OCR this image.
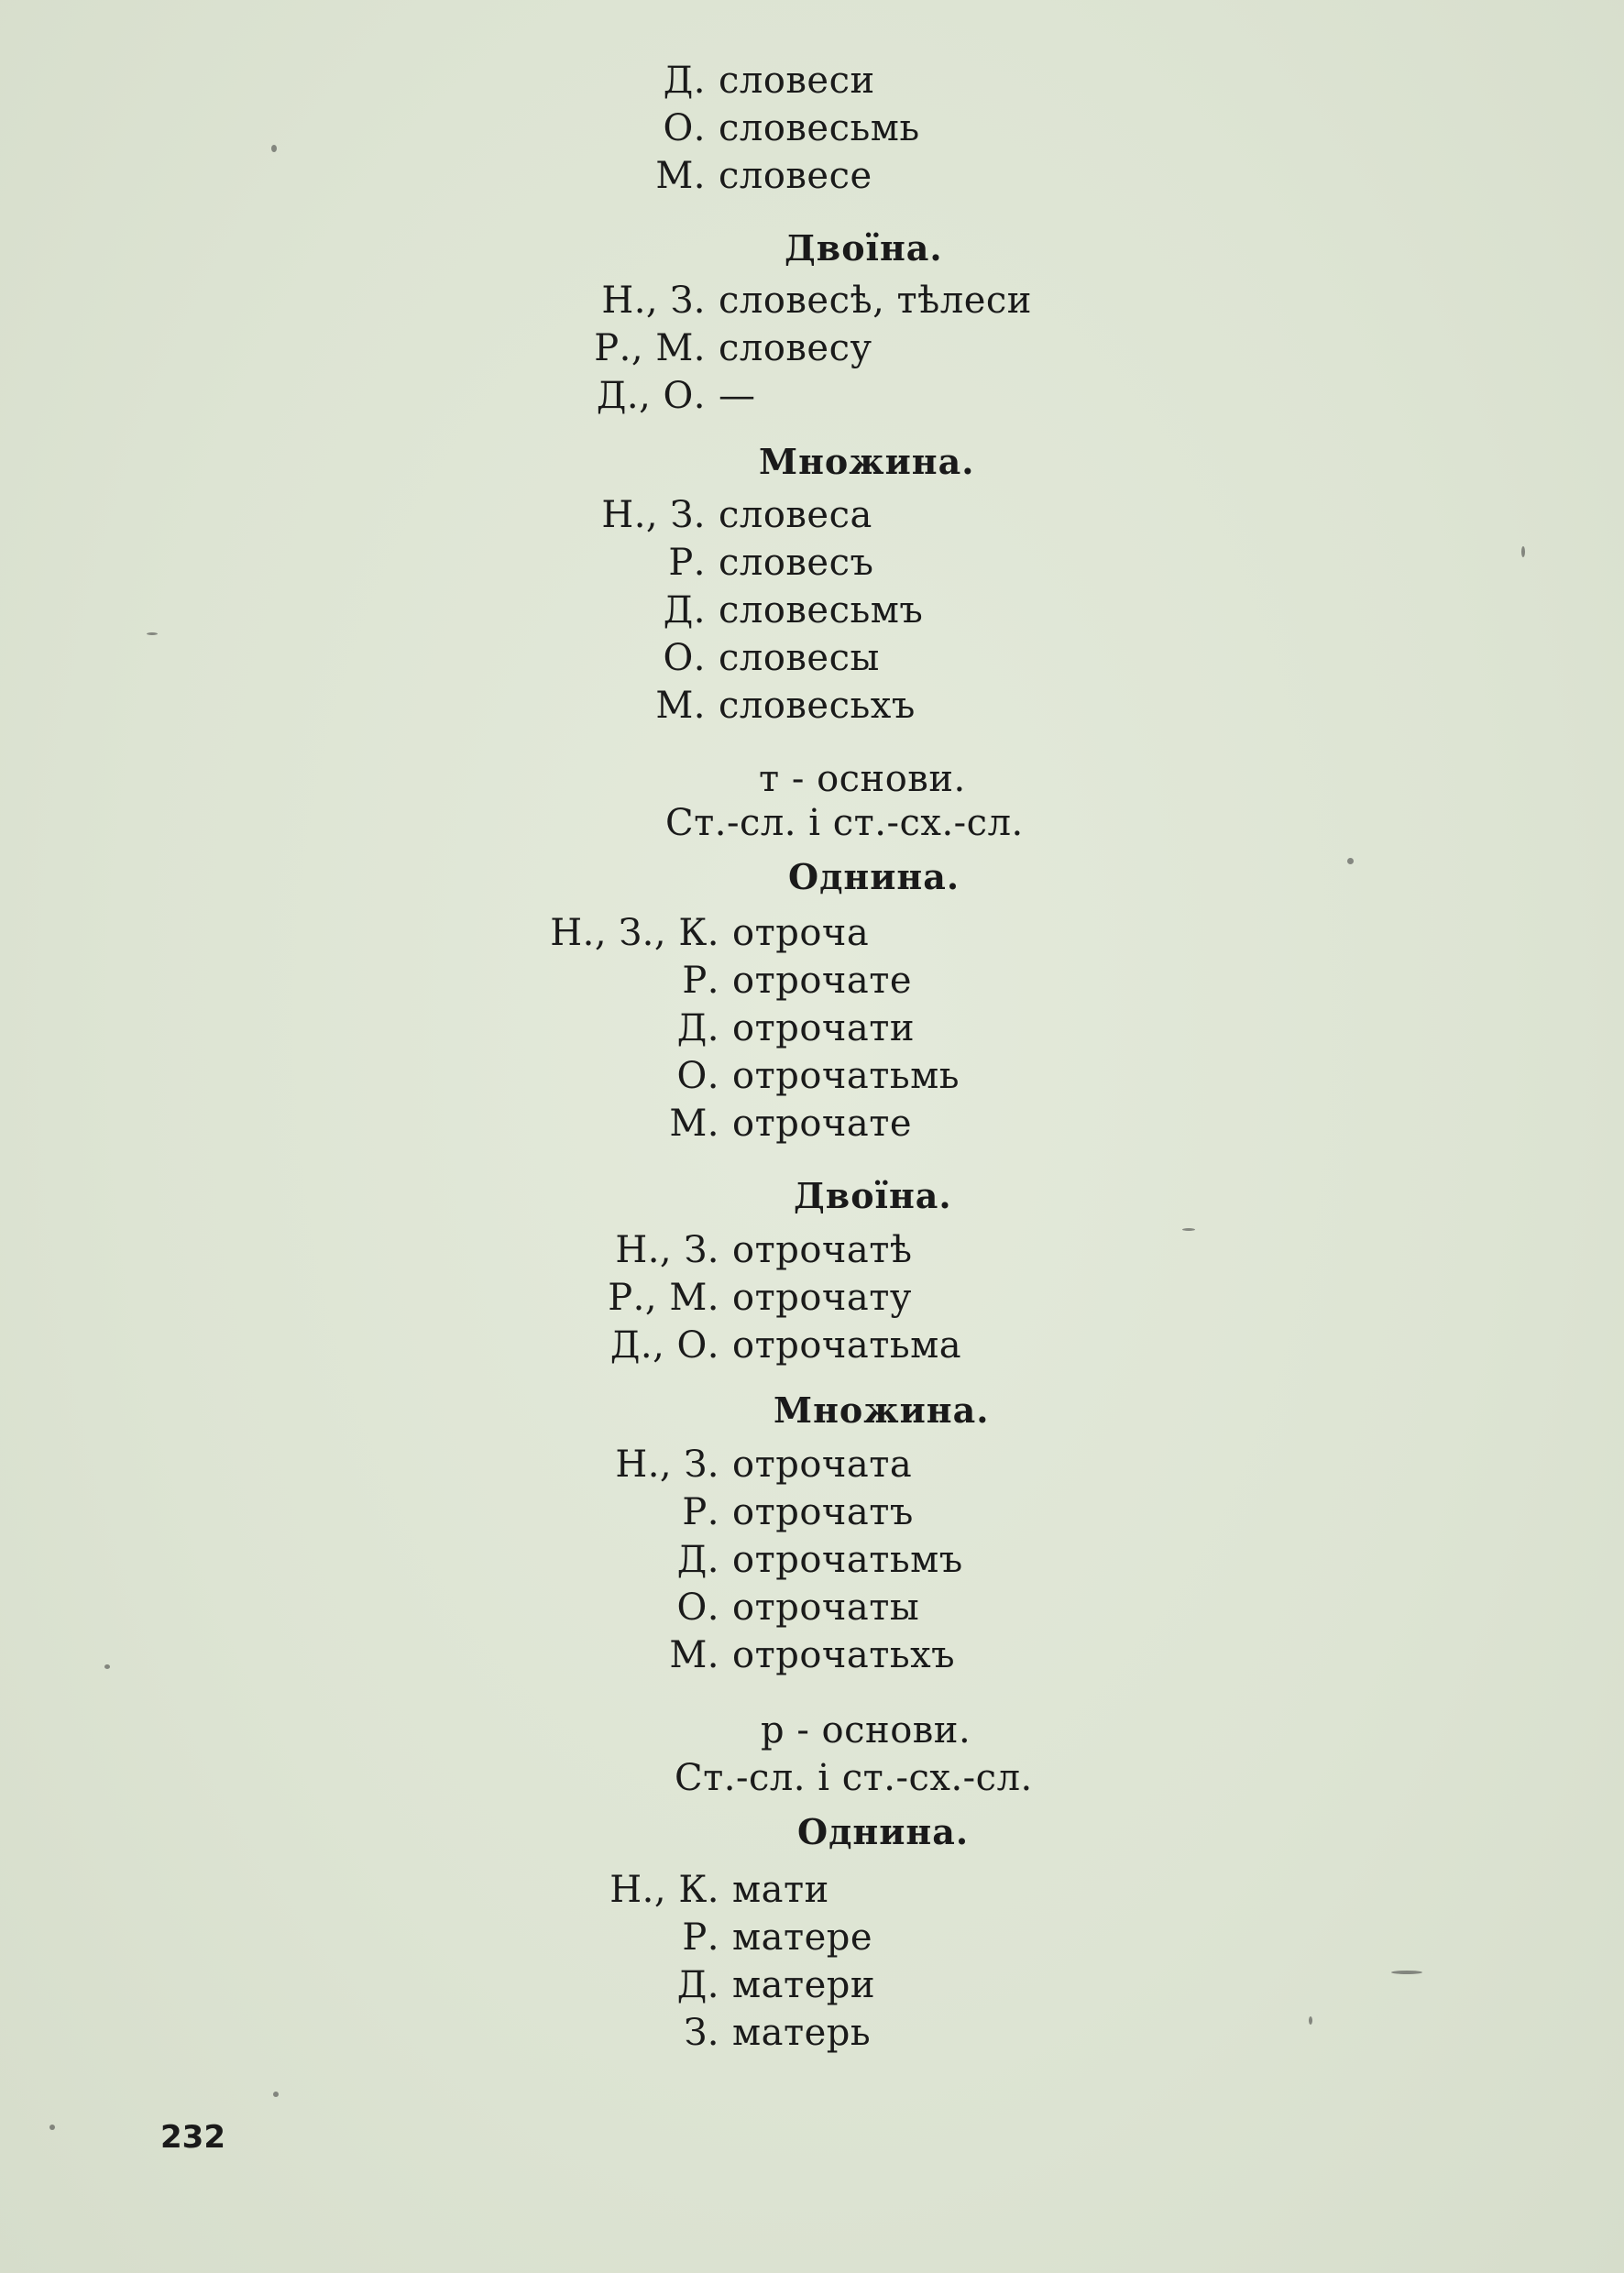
Д. словеси
О. словесьмь
М. словесе
Двоїна.
Н., З. словесѣ, тѣлеси
Р., М. словесу
Д., О. —
Множина.
Н., З. словеса
Р. словесъ
Д. словесьмъ
О. словесы
М. словесьхъ
т - основи.
Ст.-сл. і ст.-сх.-сл.
Однина.
Н., З., К. отроча
Р. отрочате
Д. отрочати
О. отрочатьмь
М. отрочате
Двоїна.
Н., З. отрочатѣ
Р., М. отрочату
Д., О. отрочатьма
Множина.
Н., З. отрочата
Р. отрочатъ
Д. отрочатьмъ
О. отрочаты
М. отрочатьхъ
р - основи.
Ст.-сл. і ст.-сх.-сл.
Однина.
Н., К. мати
Р. матере
Д. матери
З. матерь
232
